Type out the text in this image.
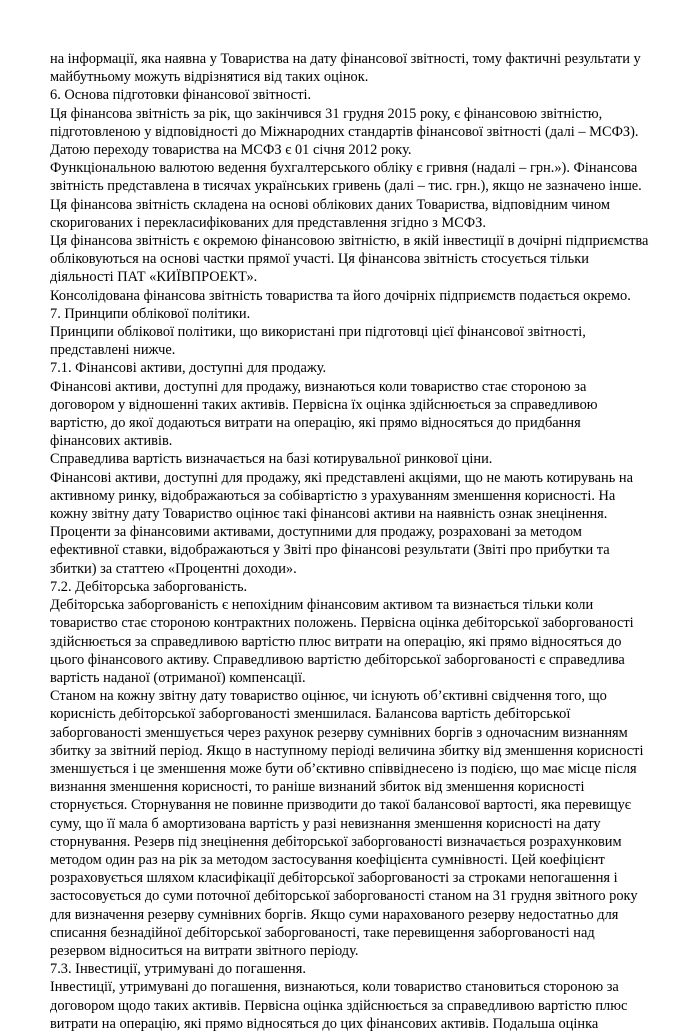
на інформації, яка наявна у Товариства на дату фінансової звітності, тому фактичні результати у майбутньому можуть відрізнятися від таких оцінок.

6. Основа підготовки фінансової звітності.

Ця фінансова звітність за рік, що закінчився 31 грудня 2015 року, є фінансовою звітністю, підготовленою у відповідності до Міжнародних стандартів фінансової звітності (далі – МСФЗ). Датою переходу товариства на МСФЗ є 01 січня 2012 року.

Функціональною валютою ведення бухгалтерського обліку є гривня (надалі – грн.»). Фінансова звітність представлена в тисячах українських гривень (далі – тис. грн.), якщо не зазначено інше.

Ця фінансова звітність складена на основі облікових даних Товариства, відповідним чином скоригованих і перекласифікованих для представлення згідно з МСФЗ.

Ця фінансова звітність є окремою фінансовою звітністю, в якій інвестиції в дочірні підприємства обліковуються на основі частки прямої участі. Ця фінансова звітність стосується тільки діяльності ПАТ «КИЇВПРОЕКТ».

Консолідована фінансова звітність товариства та його дочірніх підприємств подається окремо.

7. Принципи облікової політики.

Принципи облікової політики, що використані при підготовці цієї фінансової звітності, представлені нижче.

7.1. Фінансові активи, доступні для продажу.

Фінансові активи, доступні для продажу, визнаються коли товариство стає стороною за договором у відношенні таких активів. Первісна їх оцінка здійснюється за справедливою вартістю, до якої додаються витрати на операцію, які прямо відносяться до придбання фінансових активів.

Справедлива вартість визначається на базі котирувальної ринкової ціни.

Фінансові активи, доступні для продажу, які представлені акціями, що не мають котирувань на активному ринку, відображаються за собівартістю з урахуванням зменшення корисності. На кожну звітну дату Товариство оцінює такі фінансові активи на наявність ознак знецінення.

Проценти за фінансовими активами, доступними для продажу, розраховані за методом ефективної ставки, відображаються у Звіті про фінансові результати (Звіті про прибутки та збитки) за статтею «Процентні доходи».

7.2. Дебіторська заборгованість.

Дебіторська заборгованість є непохідним фінансовим активом та визнається тільки коли товариство стає стороною контрактних положень. Первісна оцінка дебіторської заборгованості здійснюється за справедливою вартістю плюс витрати на операцію, які прямо відносяться до цього фінансового активу. Справедливою вартістю дебіторської заборгованості є справедлива вартість наданої (отриманої) компенсації.

Станом на кожну звітну дату товариство оцінює, чи існують об’єктивні свідчення того, що корисність дебіторської заборгованості зменшилася. Балансова вартість дебіторської заборгованості зменшується через рахунок резерву сумнівних боргів з одночасним визнанням збитку за звітний період. Якщо в наступному періоді величина збитку від зменшення корисності зменшується і це зменшення може бути об’єктивно співвіднесено із подією, що має місце після визнання зменшення корисності, то раніше визнаний збиток від зменшення корисності сторнується. Сторнування не повинне призводити до такої балансової вартості, яка перевищує суму, що її мала б амортизована вартість у разі невизнання зменшення корисності на дату сторнування. Резерв під знецінення дебіторської заборгованості визначається розрахунковим методом один раз на рік за методом застосування коефіцієнта сумнівності. Цей коефіцієнт розраховується шляхом класифікації дебіторської заборгованості за строками непогашення і застосовується до суми поточної дебіторської заборгованості станом на 31 грудня звітного року для визначення резерву сумнівних боргів. Якщо суми нарахованого резерву недостатньо для списання безнадійної дебіторської заборгованості, таке перевищення заборгованості над резервом відноситься на витрати звітного періоду.

7.3. Інвестиції, утримувані до погашення.

Інвестиції, утримувані до погашення, визнаються, коли товариство становиться стороною за договором щодо таких активів. Первісна оцінка здійснюється за справедливою вартістю плюс витрати на операцію, які прямо відносяться до цих фінансових активів. Подальша оцінка
